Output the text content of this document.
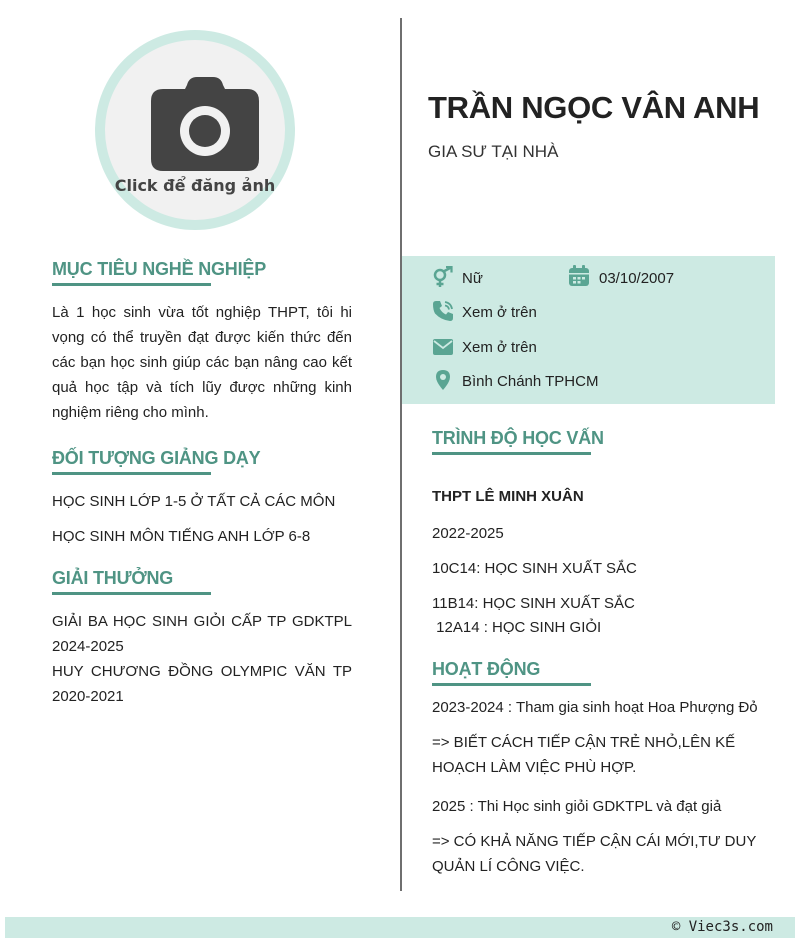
Click để đăng ảnh
MỤC TIÊU NGHỀ NGHIỆP
Là 1 học sinh vừa tốt nghiệp THPT, tôi hi vọng có thể truyền đạt được kiến thức đến các bạn học sinh giúp các bạn nâng cao kết quả học tập và tích lũy được những kinh nghiệm riêng cho mình.
ĐỐI TƯỢNG GIẢNG DẠY
HỌC SINH LỚP 1-5 Ở TẤT CẢ CÁC MÔN
HỌC SINH MÔN TIẾNG ANH LỚP 6-8
GIẢI THƯỞNG
GIẢI BA HỌC SINH GIỎI CẤP TP GDKTPL 2024-2025
HUY CHƯƠNG ĐỒNG OLYMPIC VĂN TP 2020-2021
TRẦN NGỌC VÂN ANH
GIA SƯ TẠI NHÀ
Nữ	03/10/2007
Xem ở trên
Xem ở trên
Bình Chánh TPHCM
TRÌNH ĐỘ HỌC VẤN
THPT LÊ MINH XUÂN
2022-2025
10C14: HỌC SINH XUẤT SẮC
11B14: HỌC SINH XUẤT SẮC
12A14 : HỌC SINH GIỎI
HOẠT ĐỘNG
2023-2024 : Tham gia sinh hoạt Hoa Phượng Đỏ
=> BIẾT CÁCH TIẾP CẬN TRẺ NHỎ,LÊN KẾ HOẠCH LÀM VIỆC PHÙ HỢP.
2025 : Thi Học sinh giỏi GDKTPL và đạt giả
=> CÓ KHẢ NĂNG TIẾP CẬN CÁI MỚI,TƯ DUY QUẢN LÍ CÔNG VIỆC.
© Viec3s.com
